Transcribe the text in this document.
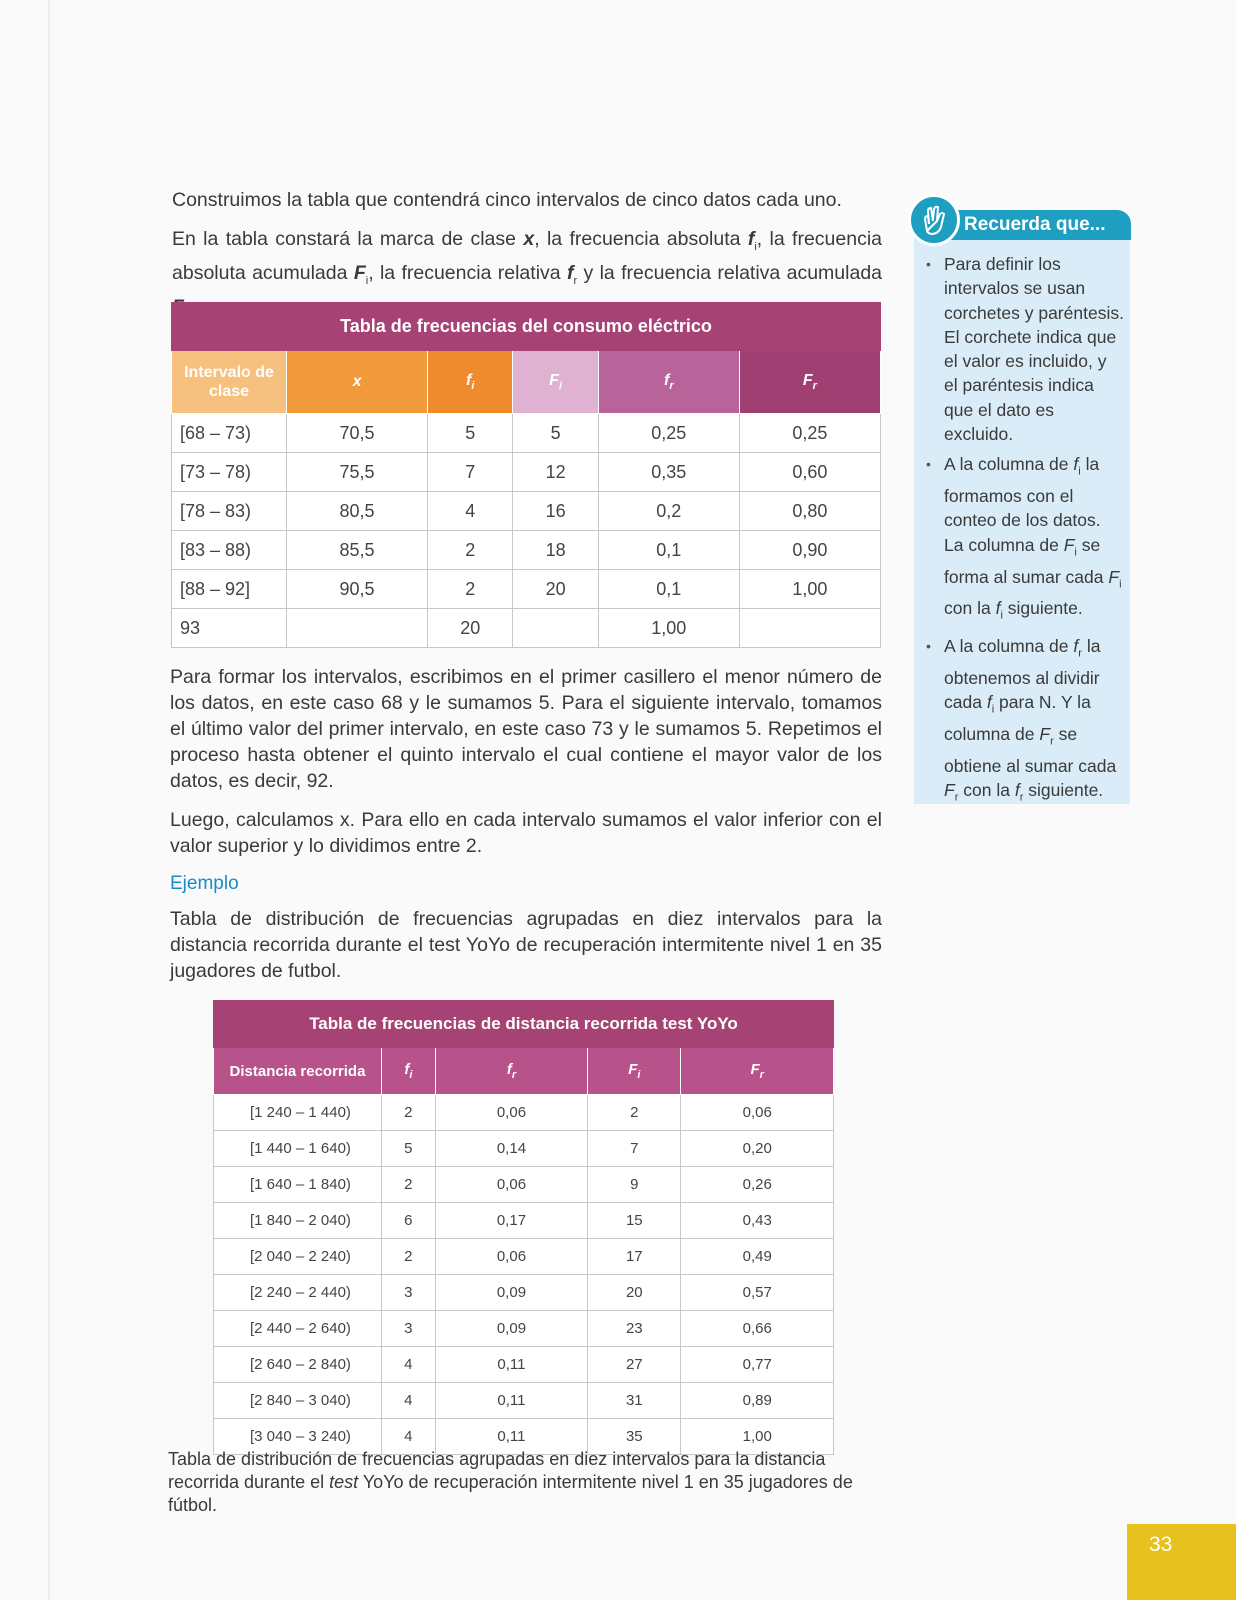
Construimos la tabla que contendrá cinco intervalos de cinco datos cada uno.

En la tabla constará la marca de clase x, la frecuencia absoluta $f_i$, la frecuencia absoluta acumulada $F_i$, la frecuencia relativa $f_r$ y la frecuencia relativa acumulada

Tabla de frecuencias del consumo eléctrico					
Intervalo de clase	x	$f_i$	$F_i$	$f_r$	$F_r$
[68 – 73)	70,5	5	5	0,25	0,25
[73 – 78)	75,5	7	12	0,35	0,60
[78 – 83)	80,5	4	16	0,2	0,80
[83 – 88)	85,5	2	18	0,1	0,90
[88 – 92]	90,5	2	20	0,1	1,00
93		20		1,00	

Para formar los intervalos, escribimos en el primer casillero el menor número de los datos, en este caso 68 y le sumamos 5. Para el siguiente intervalo, tomamos el último valor del primer intervalo, en este caso 73 y le sumamos 5. Repetimos el proceso hasta obtener el quinto intervalo el cual contiene el mayor valor de los datos, es decir, 92.

Luego, calculamos x. Para ello en cada intervalo sumamos el valor inferior con el valor superior y lo dividimos entre 2.

Ejemplo

Tabla de distribución de frecuencias agrupadas en diez intervalos para la distancia recorrida durante el test YoYo de recuperación intermitente nivel 1 en 35 jugadores de futbol.

Tabla de frecuencias de distancia recorrida test YoYo				
Distancia recorrida	$f_i$	$f_r$	$F_i$	$F_r$
[1 240 – 1 440)	2	0,06	2	0,06
[1 440 – 1 640)	5	0,14	7	0,20
[1 640 – 1 840)	2	0,06	9	0,26
[1 840 – 2 040)	6	0,17	15	0,43
[2 040 – 2 240)	2	0,06	17	0,49
[2 240 – 2 440)	3	0,09	20	0,57
[2 440 – 2 640)	3	0,09	23	0,66
[2 640 – 2 840)	4	0,11	27	0,77
[2 840 – 3 040)	4	0,11	31	0,89
[3 040 – 3 240)	4	0,11	35	1,00

Tabla de distribución de frecuencias agrupadas en diez intervalos para la distancia recorrida durante el test YoYo de recuperación intermitente nivel 1 en 35 jugadores de fútbol.

Recuerda que...
• Para definir los intervalos se usan corchetes y paréntesis. El corchete indica que el valor es incluido, y el paréntesis indica que el dato es excluido.
• A la columna de $f_i$ la formamos con el conteo de los datos. La columna de $F_i$ se forma al sumar cada $F_i$ con la $f_i$ siguiente.
• A la columna de $f_r$ la obtenemos al dividir cada $f_i$ para N. Y la columna de $F_r$ se obtiene al sumar cada $F_r$ con la $f_r$ siguiente.
33
